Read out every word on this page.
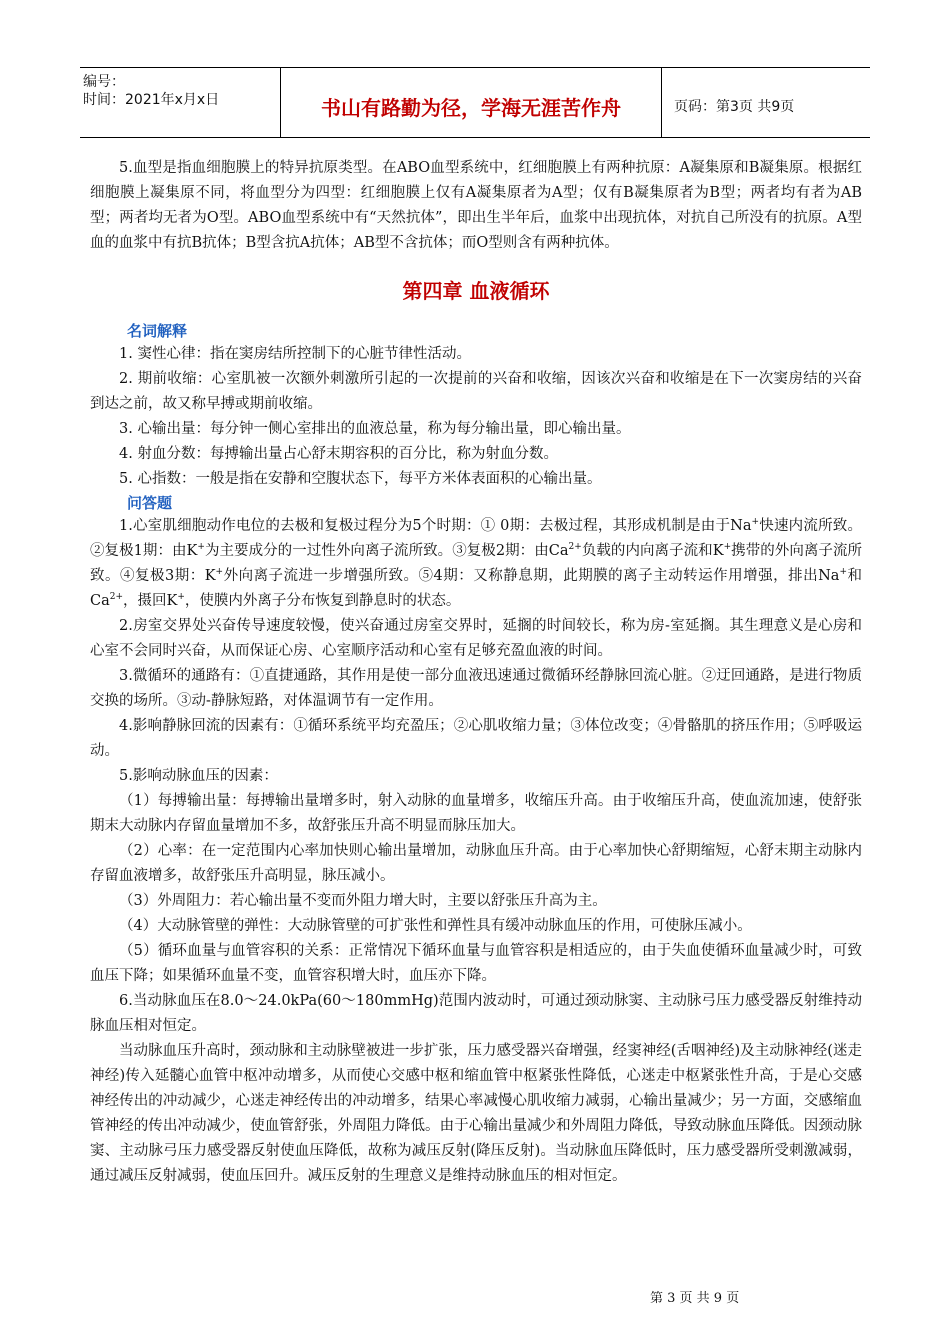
编号：
时间：2021年x月x日	书山有路勤为径，学海无涯苦作舟	页码：第3页 共9页

5.血型是指血细胞膜上的特异抗原类型。在ABO血型系统中，红细胞膜上有两种抗原：A凝集原和B凝集原。根据红细胞膜上凝集原不同，将血型分为四型：红细胞膜上仅有A凝集原者为A型；仅有B凝集原者为B型；两者均有者为AB型；两者均无者为O型。ABO血型系统中有“天然抗体”，即出生半年后，血浆中出现抗体，对抗自己所没有的抗原。A型血的血浆中有抗B抗体；B型含抗A抗体；AB型不含抗体；而O型则含有两种抗体。

第四章 血液循环
名词解释

1. 窦性心律：指在窦房结所控制下的心脏节律性活动。

2. 期前收缩：心室肌被一次额外刺激所引起的一次提前的兴奋和收缩，因该次兴奋和收缩是在下一次窦房结的兴奋到达之前，故又称早搏或期前收缩。

3. 心输出量：每分钟一侧心室排出的血液总量，称为每分输出量，即心输出量。

4. 射血分数：每搏输出量占心舒末期容积的百分比，称为射血分数。

5. 心指数：一般是指在安静和空腹状态下，每平方米体表面积的心输出量。

问答题

1.心室肌细胞动作电位的去极和复极过程分为5个时期：① 0期：去极过程，其形成机制是由于Na+快速内流所致。②复极1期：由K+为主要成分的一过性外向离子流所致。③复极2期：由$Ca^{2+}$负载的内向离子流和K+携带的外向离子流所致。④复极3期：K+外向离子流进一步增强所致。⑤4期：又称静息期，此期膜的离子主动转运作用增强，排出Na+和$Ca^{2+}$，摄回K+，使膜内外离子分布恢复到静息时的状态。

2.房室交界处兴奋传导速度较慢，使兴奋通过房室交界时，延搁的时间较长，称为房-室延搁。其生理意义是心房和心室不会同时兴奋，从而保证心房、心室顺序活动和心室有足够充盈血液的时间。

3.微循环的通路有：①直捷通路，其作用是使一部分血液迅速通过微循环经静脉回流心脏。②迂回通路，是进行物质交换的场所。③动-静脉短路，对体温调节有一定作用。

4.影响静脉回流的因素有：①循环系统平均充盈压；②心肌收缩力量；③体位改变；④骨骼肌的挤压作用；⑤呼吸运动。

5.影响动脉血压的因素：

（1）每搏输出量：每搏输出量增多时，射入动脉的血量增多，收缩压升高。由于收缩压升高，使血流加速，使舒张期末大动脉内存留血量增加不多，故舒张压升高不明显而脉压加大。

（2）心率：在一定范围内心率加快则心输出量增加，动脉血压升高。由于心率加快心舒期缩短，心舒末期主动脉内存留血液增多，故舒张压升高明显，脉压减小。

（3）外周阻力：若心输出量不变而外阻力增大时，主要以舒张压升高为主。

（4）大动脉管壁的弹性：大动脉管壁的可扩张性和弹性具有缓冲动脉血压的作用，可使脉压减小。

（5）循环血量与血管容积的关系：正常情况下循环血量与血管容积是相适应的，由于失血使循环血量减少时，可致血压下降；如果循环血量不变，血管容积增大时，血压亦下降。

6.当动脉血压在8.0～24.0kPa(60～180mmHg)范围内波动时，可通过颈动脉窦、主动脉弓压力感受器反射维持动脉血压相对恒定。

当动脉血压升高时，颈动脉和主动脉壁被进一步扩张，压力感受器兴奋增强，经窦神经(舌咽神经)及主动脉神经(迷走神经)传入延髓心血管中枢冲动增多，从而使心交感中枢和缩血管中枢紧张性降低，心迷走中枢紧张性升高，于是心交感神经传出的冲动减少，心迷走神经传出的冲动增多，结果心率减慢心肌收缩力减弱，心输出量减少；另一方面，交感缩血管神经的传出冲动减少，使血管舒张，外周阻力降低。由于心输出量减少和外周阻力降低，导致动脉血压降低。因颈动脉窦、主动脉弓压力感受器反射使血压降低，故称为减压反射(降压反射)。当动脉血压降低时，压力感受器所受刺激减弱，通过减压反射减弱，使血压回升。减压反射的生理意义是维持动脉血压的相对恒定。

第 3 页 共 9 页
